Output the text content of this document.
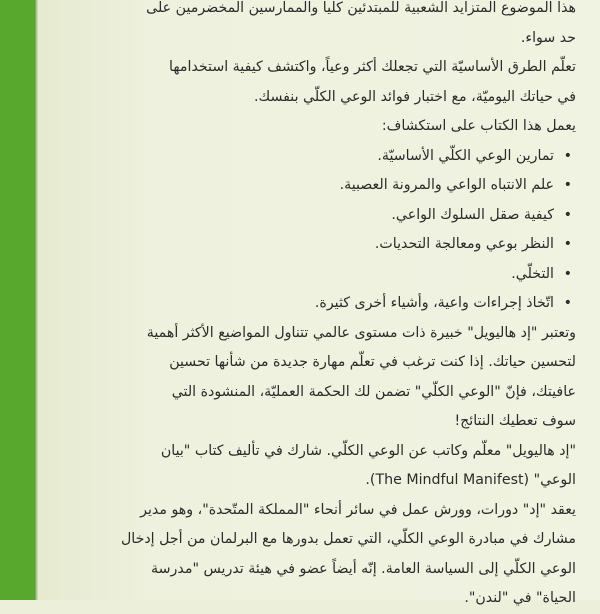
هذا الموضوع المتزايد الشعبية للمبتدئين كليا والممارسين المخضرمين على

حد سواء.

تعلّم الطرق الأساسيّة التي تجعلك أكثر وعياً، واكتشف كيفية استخدامها

في حياتك اليوميّة، مع اختبار فوائد الوعي الكلّي بنفسك.

يعمل هذا الكتاب على استكشاف:

• تمارين الوعي الكلّي الأساسيّة.
• علم الانتباه الواعي والمرونة العصبية.
• كيفية صقل السلوك الواعي.
• النظر بوعي ومعالجة التحديات.
• التخلّي.
• اتّخاذ إجراءات واعية، وأشياء أخرى كثيرة.

وتعتبر "إد هاليويل" خبيرة ذات مستوى عالمي تتناول المواضيع الأكثر أهمية

لتحسين حياتك. إذا كنت ترغب في تعلّم مهارة جديدة من شأنها تحسين

عافيتك، فإنّ "الوعي الكلّي" تضمن لك الحكمة العمليّة، المنشودة التي

سوف تعطيك النتائج!

"إد هاليويل" معلّم وكاتب عن الوعي الكلّي. شارك في تأليف كتاب "بيان

الوعي" (The Mindful Manifest).

يعقد "إد" دورات، وورش عمل في سائر أنحاء "المملكة المتّحدة"، وهو مدير

مشارك في مبادرة الوعي الكلّي، التي تعمل بدورها مع البرلمان من أجل إدخال

الوعي الكلّي إلى السياسة العامة. إنّه أيضاً عضو في هيئة تدريس "مدرسة

الحياة" في "لندن".
